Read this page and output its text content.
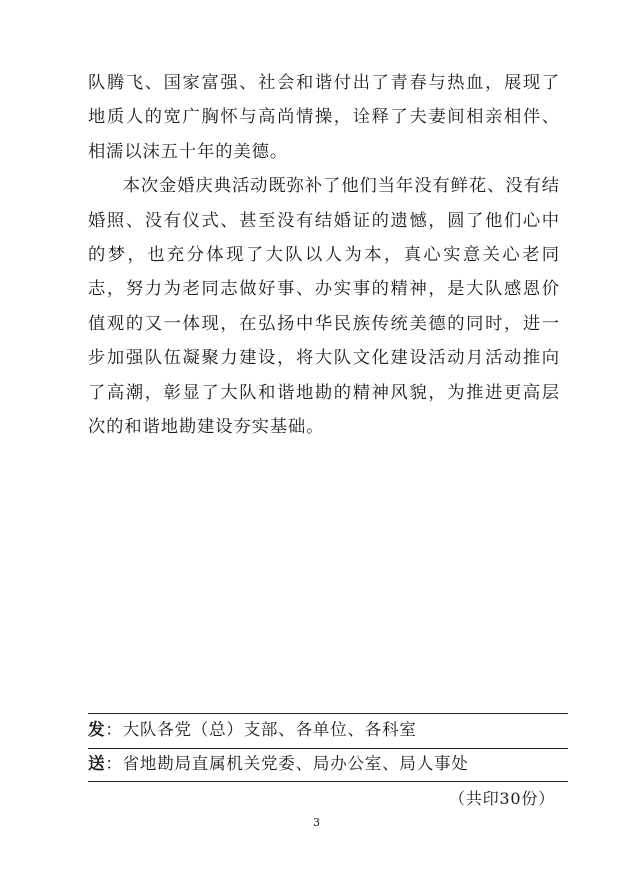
队腾飞、国家富强、社会和谐付出了青春与热血，展现了地质人的宽广胸怀与高尚情操，诠释了夫妻间相亲相伴、相濡以沫五十年的美德。

本次金婚庆典活动既弥补了他们当年没有鲜花、没有结婚照、没有仪式、甚至没有结婚证的遗憾，圆了他们心中的梦，也充分体现了大队以人为本，真心实意关心老同志，努力为老同志做好事、办实事的精神，是大队感恩价值观的又一体现，在弘扬中华民族传统美德的同时，进一步加强队伍凝聚力建设，将大队文化建设活动月活动推向了高潮，彰显了大队和谐地勘的精神风貌，为推进更高层次的和谐地勘建设夯实基础。

发：大队各党（总）支部、各单位、各科室
送：省地勘局直属机关党委、局办公室、局人事处
（共印30份）
3
